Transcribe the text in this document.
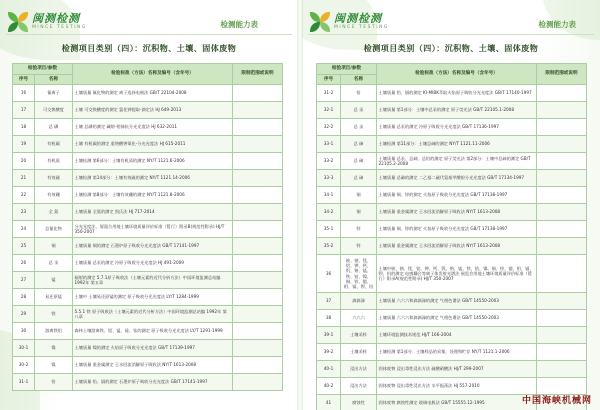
闽测检测
MINCE TESTING	检测能力表
检测项目类别（四）：沉积物、土壤、固体废物
检验项目/参数		检验标准（方法）名称及编号（含年号）	限制范围或说明
序号	名称		
16	氰离子	土壤质量 氟化物的测定 离子选择电极法 GB/T 22104-2008	
17	可交换酸度	土壤 可交换酸度的测定 氯化钾提取-滴定法 HJ 649-2013	
18	总 磷	土壤 总磷的测定 碱熔-钼锑抗分光光度法 HJ 632-2011	
19	有机碳	土壤 有机碳的测定 重铬酸钾氧化-分光光度法 HJ 615-2011	
20	有机质	土壤检测 第6部分：土壤有机质的测定 NY/T 1121.6-2006	
21	有效硫	土壤检测 第14部分：土壤有效硫的测定 NY/T 1121.14-2006	
22	有效硼	土壤检测 第8部分：土壤有效硼的测定 NY/T 1121.8-2006	
23	全 氮	土壤质量 全氮的测定 凯氏法 HJ 717-2014	
24	总氰化物	分光光度法，屑氮合用地土壤环境质量评价标准（暂行）附录B(规范性附录) HJ/T 350-2007	
25	铜	土壤质量 铜的测定 石墨炉原子吸收分光光度法 GB/T 17141-1997	
26	总 汞	土壤质量 总汞的测定 冷原子吸收分光光度法 HJ 491-2009	
27	锰	辐射的测定 5.7.1原子吸收法（土壤元素的近代分析方法）中国环境监测总站编 1992年 第五章	
28	易还原锰	土壤中 土壤易还原锰的测定 原子吸收分光光度法 LY/T 1284-1999	
29	铁	5.5.1 铁 原子吸收法（土壤元素的近代分析方法）中国环境监测总站编 1992年 第八章	
30	游离铁铝	森林土壤游离铁、铝、锰、硅、钛的测定 原子吸收分光光度法 LY/T 1291-1999	
30-1	镍	土壤质量 镍的测定 火焰原子吸收分光光度法 GB/T 17139-1997	
30-2	镍	土壤质量 重金属测定 王水回流消解原子吸收法 NY/T 1613-2008	
31-1	铅	土壤质量 铅、镉的测定 石墨炉原子吸收分光光度法 GB/T 17141-1997	
闽测检测
MINCE TESTING	检测能力表
检测项目类别（四）：沉积物、土壤、固体废物
检验项目/参数		检验标准（方法）名称及编号（含年号）	限制范围或说明
序号	名称		
31-2	铅	土壤质量 铅、镉的测定 KI-MIBK萃取火焰原子吸收分光光度法 GB/T 17140-1997	
32-1	总 汞	土壤质量 第1部分：土壤中总汞的测定 原子荧光法 GB/T 22105.1-2008	
32-2	总 汞	土壤质量 总汞的测定 冷原子吸收分光光度法 GB/T 17136-1997	
33-1	总 砷	土壤检测 第11部分：土壤总砷的测定 NY/T 1121.11-2006	
33-2	总 砷	土壤质量 总汞、总砷、总铅的测定 原子荧光法 第2部分：土壤中总砷的测定 GB/T 22105.2-2008	
33-3	总 砷	土壤质量 总砷的测定 二乙基二硫代氨基甲酸银分光光度法 GB/T 17134-1997	
34-1	铜	土壤质量 铜、锌的测定 火焰原子吸收分光光度法 GB/T 17138-1997	
34-2	铜	土壤质量 重金属测定 王水回流消解原子吸收法 NY/T 1613-2008	
35-1	锌	土壤质量 铜、锌的测定 火焰原子吸收分光光度法 GB/T 17138-1997	
35-2	锌	土壤质量 重金属测定 王水回流消解原子吸收法 NY/T 1613-2008	
36	铍、钠、镁、铝、钾、钙、钒、铬、锰、铁、钴、镍、铜、锌、锶、钼、镉、钡、铅	土壤中铍、钠、镁、铝、钾、钙、钒、铬、锰、铁、钴、镍、铜、锌、锶、钼、镉、钡、铅的测定 电感耦合等离子体发射光谱法 展览会用地土壤环境质量评价标准（暂行）附录A(规范性附录) HJ/T 350-2007	
37	滴滴涕	土壤质量 六六六和滴滴涕的测定 气相色谱法 GB/T 14550-2003	
38	六六六	土壤质量 六六六和滴滴涕的测定 气相色谱法 GB/T 14550-2003	
39-1	土壤采样	土壤环境监测技术规范 HJ/T 166-2004	
39-2	土壤采样	土壤检测 第1部分：土壤样品的采集、处理和贮存 NY/T 1121.1-2006	
40-1	浸出方法	固体废物 浸出毒性浸出方法 硫酸硝酸法 HJ/T 299-2007	
40-2	浸出方法	固体废物 浸出毒性浸出方法 水平振荡法 HJ 557-2010	
41	腐蚀性	固体废物 腐蚀性测定 玻璃电极法 GB/T 15555.12-1995		中国海峡机械网
